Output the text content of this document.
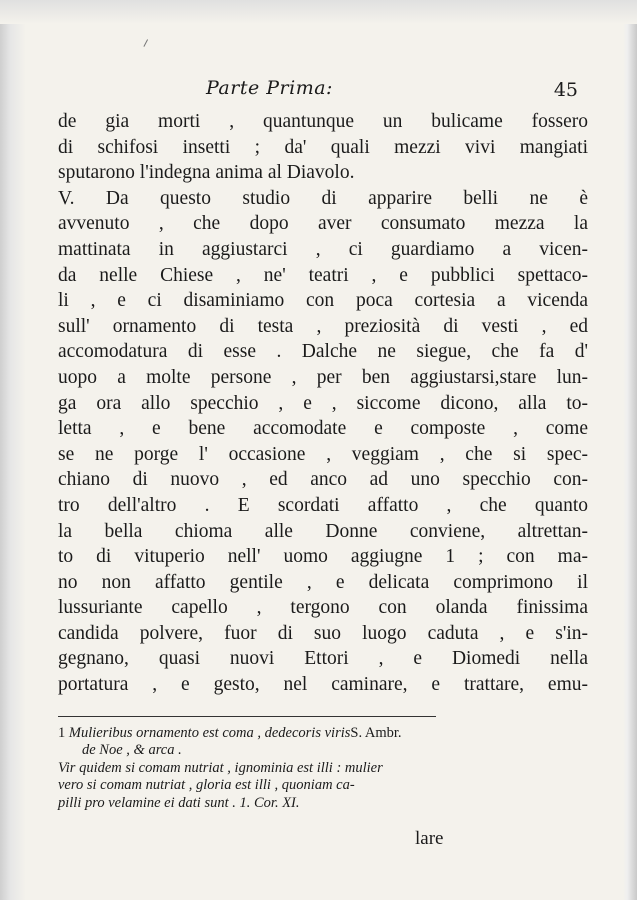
Parte Prima:	45
de gia morti , quantunque un bulicame fossero
di schifosi insetti ; da' quali mezzi vivi mangiati
sputarono l'indegna anima al Diavolo.
V. Da questo studio di apparire belli ne è
avvenuto , che dopo aver consumato mezza la
mattinata in aggiustarci , ci guardiamo a vicen-
da nelle Chiese , ne' teatri , e pubblici spettaco-
li , e ci disaminiamo con poca cortesia a vicenda
sull' ornamento di testa , preziosità di vesti , ed
accomodatura di esse . Dalche ne siegue, che fa d'
uopo a molte persone , per ben aggiustarsi,stare lun-
ga ora allo specchio , e , siccome dicono, alla to-
letta , e bene accomodate e composte , come
se ne porge l' occasione , veggiam , che si spec-
chiano di nuovo , ed anco ad uno specchio con-
tro dell'altro . E scordati affatto , che quanto
la bella chioma alle Donne conviene, altrettan-
to di vituperio nell' uomo aggiugne 1 ; con ma-
no non affatto gentile , e delicata comprimono il
lussuriante capello , tergono con olanda finissima
candida polvere, fuor di suo luogo caduta , e s'in-
gegnano, quasi nuovi Ettori , e Diomedi nella
portatura , e gesto, nel caminare, e trattare, emu-
1 Mulieribus ornamento est coma , dedecoris virisS. Ambr.
de Noe , & arca .
Vir quidem si comam nutriat , ignominia est illi : mulier
vero si comam nutriat , gloria est illi , quoniam ca-
pilli pro velamine ei dati sunt . 1. Cor. XI.
lare
